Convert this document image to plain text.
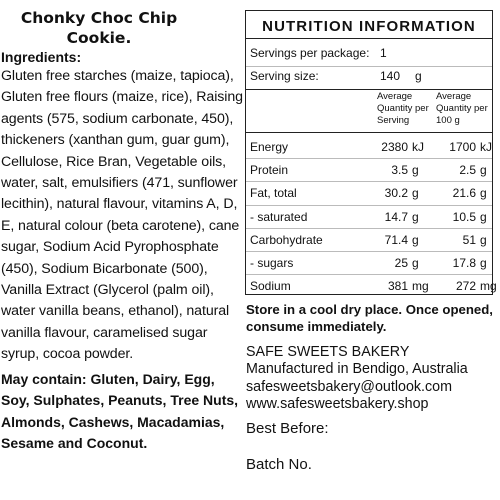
Chonky Choc Chip Cookie.
Ingredients:
Gluten free starches (maize, tapioca), Gluten free flours (maize, rice), Raising agents (575, sodium carbonate, 450), thickeners (xanthan gum, guar gum), Cellulose, Rice Bran, Vegetable oils, water, salt, emulsifiers (471, sunflower lecithin), natural flavour, vitamins A, D, E, natural colour (beta carotene), cane sugar, Sodium Acid Pyrophosphate (450), Sodium Bicarbonate (500), Vanilla Extract (Glycerol (palm oil), water vanilla beans, ethanol), natural vanilla flavour, caramelised sugar syrup, cocoa powder.
May contain: Gluten, Dairy, Egg, Soy, Sulphates, Peanuts, Tree Nuts, Almonds, Cashews, Macadamias, Sesame and Coconut.
NUTRITION INFORMATION
Servings per package: 1
Serving size:	140 g
Average Quantity per Serving
Average Quantity per 100 g
Energy	2380 kJ	1700 kJ
Protein	3.5 g	2.5 g
Fat, total	30.2 g	21.6 g
- saturated	14.7 g	10.5 g
Carbohydrate	71.4 g	51 g
- sugars	25 g	17.8 g
Sodium	381 mg	272 mg
Store in a cool dry place. Once opened, consume immediately.
SAFE SWEETS BAKERY
Manufactured in Bendigo, Australia
safesweetsbakery@outlook.com
www.safesweetsbakery.shop
Best Before:
Batch No.
